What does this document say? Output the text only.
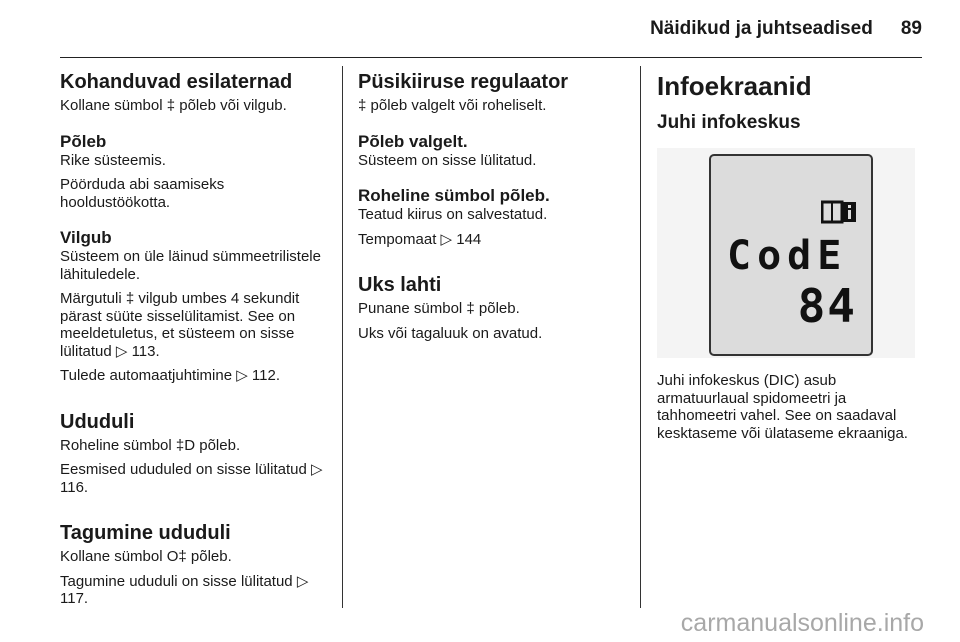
Näidikud ja juhtseadised 89
Kohanduvad esilaternad

Kollane sümbol ‡ põleb või vilgub.

Põleb

Rike süsteemis.

Pöörduda abi saamiseks hooldustöökotta.

Vilgub

Süsteem on üle läinud sümmeetrilistele lähituledele.

Märgutuli ‡ vilgub umbes 4 sekundit pärast süüte sisselülitamist. See on meeldetuletus, et süsteem on sisse lülitatud ▷ 113.

Tulede automaatjuhtimine ▷ 112.

Ududuli

Roheline sümbol ‡D põleb.

Eesmised ududuled on sisse lülitatud ▷ 116.

Tagumine ududuli

Kollane sümbol O‡ põleb.

Tagumine ududuli on sisse lülitatud ▷ 117.

Püsikiiruse regulaator

‡ põleb valgelt või roheliselt.

Põleb valgelt.

Süsteem on sisse lülitatud.

Roheline sümbol põleb.

Teatud kiirus on salvestatud.

Tempomaat ▷ 144

Uks lahti

Punane sümbol ‡ põleb.

Uks või tagaluuk on avatud.

Infoekraanid
Juhi infokeskus
CodE
84

Juhi infokeskus (DIC) asub armatuurlaual spidomeetri ja tahhomeetri vahel. See on saadaval kesktaseme või ülataseme ekraaniga.

carmanualsonline.info
